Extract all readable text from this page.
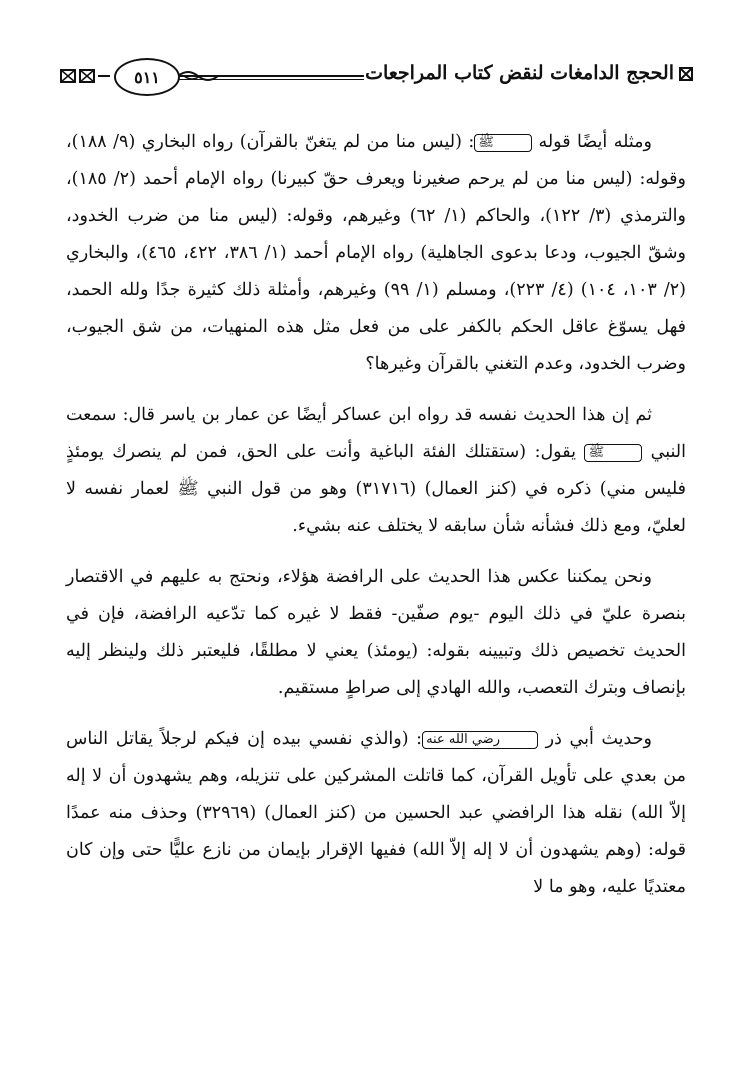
الحجج الدامغات لنقض كتاب المراجعات
٥١١

ومثله أيضًا قوله ﷺ: (ليس منا من لم يتغنّ بالقرآن) رواه البخاري (٩/ ١٨٨)، وقوله: (ليس منا من لم يرحم صغيرنا ويعرف حقّ كبيرنا) رواه الإمام أحمد (٢/ ١٨٥)، والترمذي (٣/ ١٢٢)، والحاكم (١/ ٦٢) وغيرهم، وقوله: (ليس منا من ضرب الخدود، وشقّ الجيوب، ودعا بدعوى الجاهلية) رواه الإمام أحمد (١/ ٣٨٦، ٤٢٢، ٤٦٥)، والبخاري (٢/ ١٠٣، ١٠٤) (٤/ ٢٢٣)، ومسلم (١/ ٩٩) وغيرهم، وأمثلة ذلك كثيرة جدًا ولله الحمد، فهل يسوّغ عاقل الحكم بالكفر على من فعل مثل هذه المنهيات، من شق الجيوب، وضرب الخدود، وعدم التغني بالقرآن وغيرها؟

ثم إن هذا الحديث نفسه قد رواه ابن عساكر أيضًا عن عمار بن ياسر قال: سمعت النبي ﷺ يقول: (ستقتلك الفئة الباغية وأنت على الحق، فمن لم ينصرك يومئذٍ فليس مني) ذكره في (كنز العمال) (٣١٧١٦) وهو من قول النبي ﷺ لعمار نفسه لا لعليّ، ومع ذلك فشأنه شأن سابقه لا يختلف عنه بشيء.

ونحن يمكننا عكس هذا الحديث على الرافضة هؤلاء، ونحتج به عليهم في الاقتصار بنصرة عليّ في ذلك اليوم -يوم صفّين- فقط لا غيره كما تدّعيه الرافضة، فإن في الحديث تخصيص ذلك وتبيينه بقوله: (يومئذ) يعني لا مطلقًا، فليعتبر ذلك ولينظر إليه بإنصاف وبترك التعصب، والله الهادي إلى صراطٍ مستقيم.

وحديث أبي ذر رضي الله عنه: (والذي نفسي بيده إن فيكم لرجلاً يقاتل الناس من بعدي على تأويل القرآن، كما قاتلت المشركين على تنزيله، وهم يشهدون أن لا إله إلاّ الله) نقله هذا الرافضي عبد الحسين من (كنز العمال) (٣٢٩٦٩) وحذف منه عمدًا قوله: (وهم يشهدون أن لا إله إلاّ الله) ففيها الإقرار بإيمان من نازع عليًّا حتى وإن كان معتديًا عليه، وهو ما لا
